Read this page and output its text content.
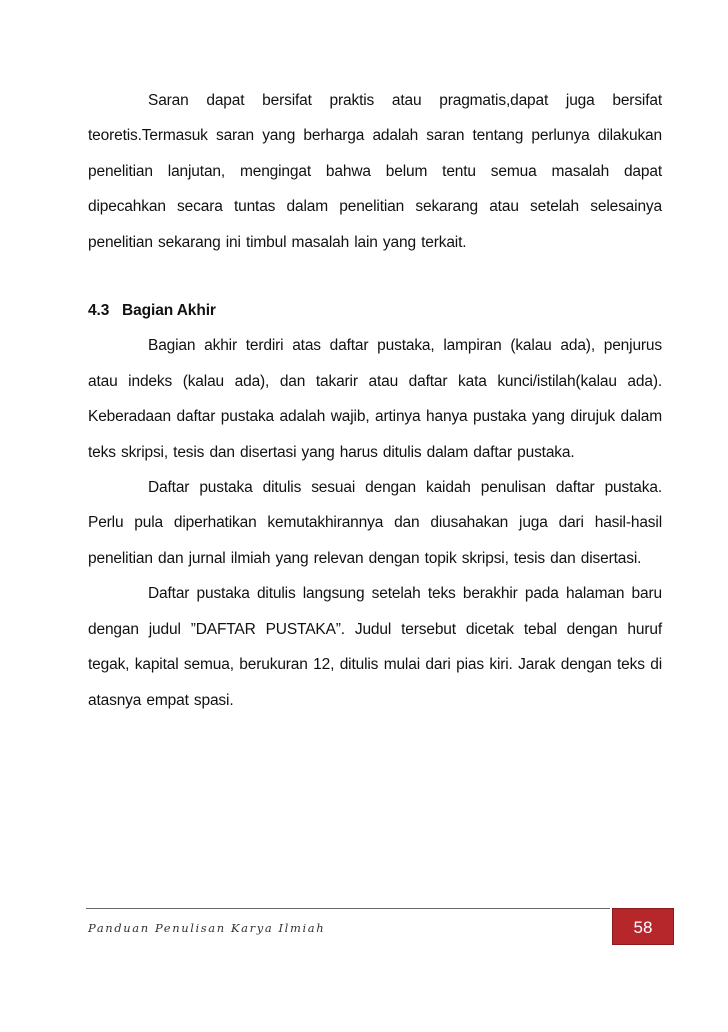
Saran dapat bersifat praktis atau pragmatis,dapat juga bersifat teoretis.Termasuk saran yang berharga adalah saran tentang perlunya dilakukan penelitian lanjutan, mengingat bahwa belum tentu semua masalah dapat dipecahkan secara tuntas dalam penelitian sekarang atau setelah selesainya penelitian sekarang ini timbul masalah lain yang terkait.

4.3 Bagian Akhir

Bagian akhir terdiri atas daftar pustaka, lampiran (kalau ada), penjurus atau indeks (kalau ada), dan takarir atau daftar kata kunci/istilah(kalau ada). Keberadaan daftar pustaka adalah wajib, artinya hanya pustaka yang dirujuk dalam teks skripsi, tesis dan disertasi yang harus ditulis dalam daftar pustaka.

Daftar pustaka ditulis sesuai dengan kaidah penulisan daftar pustaka. Perlu pula diperhatikan kemutakhirannya dan diusahakan juga dari hasil-hasil penelitian dan jurnal ilmiah yang relevan dengan topik skripsi, tesis dan disertasi.

Daftar pustaka ditulis langsung setelah teks berakhir pada halaman baru dengan judul ”DAFTAR PUSTAKA”. Judul tersebut dicetak tebal dengan huruf tegak, kapital semua, berukuran 12, ditulis mulai dari pias kiri. Jarak dengan teks di atasnya empat spasi.

Panduan Penulisan Karya Ilmiah	58
